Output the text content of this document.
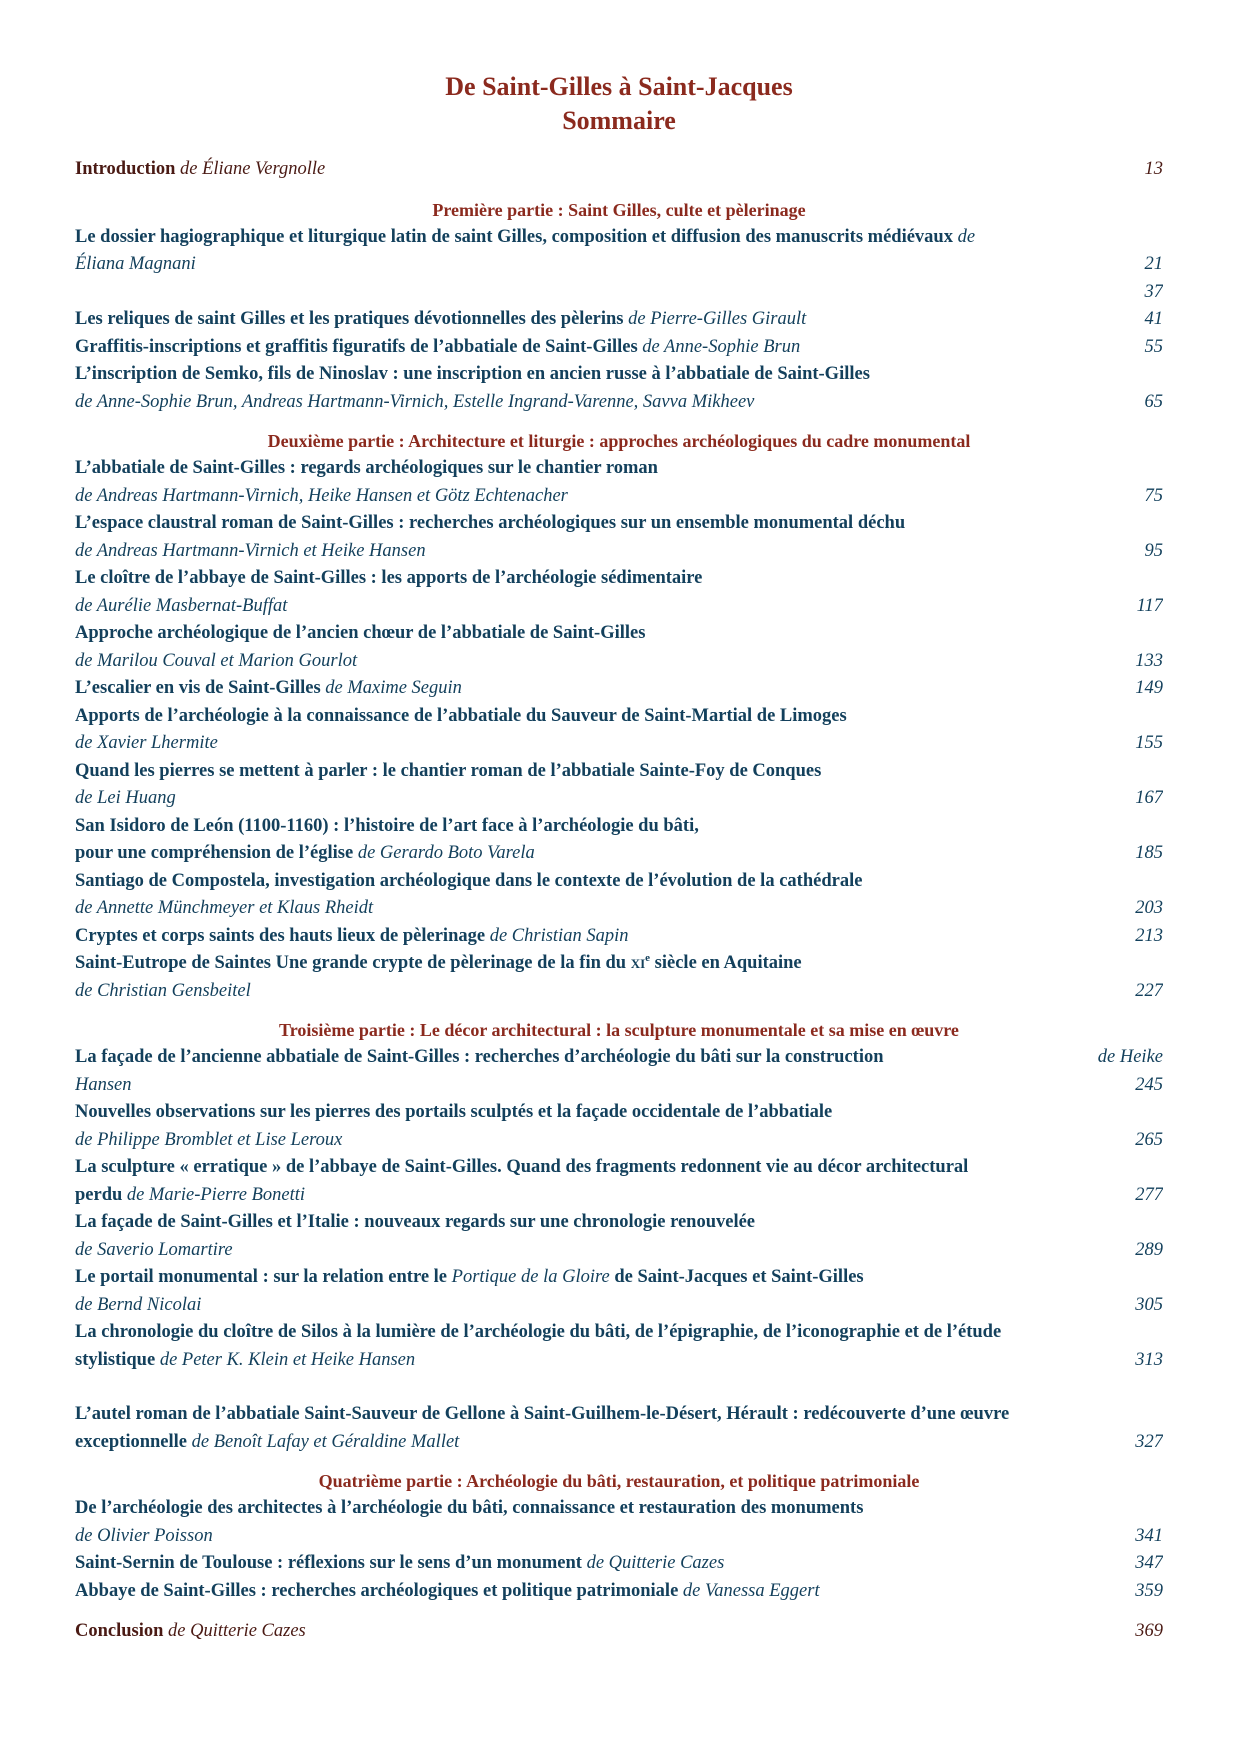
De Saint-Gilles à Saint-Jacques
Sommaire
Introduction de Éliane Vergnolle	13
Première partie : Saint Gilles, culte et pèlerinage
Le dossier hagiographique et liturgique latin de saint Gilles, composition et diffusion des manuscrits médiévaux de
Éliana Magnani	21

37
Les reliques de saint Gilles et les pratiques dévotionnelles des pèlerins de Pierre-Gilles Girault	41
Graffitis-inscriptions et graffitis figuratifs de l’abbatiale de Saint-Gilles de Anne-Sophie Brun	55
L’inscription de Semko, fils de Ninoslav : une inscription en ancien russe à l’abbatiale de Saint-Gilles
de Anne-Sophie Brun, Andreas Hartmann-Virnich, Estelle Ingrand-Varenne, Savva Mikheev	65
Deuxième partie : Architecture et liturgie : approches archéologiques du cadre monumental
L’abbatiale de Saint-Gilles : regards archéologiques sur le chantier roman
de Andreas Hartmann-Virnich, Heike Hansen et Götz Echtenacher	75
L’espace claustral roman de Saint-Gilles : recherches archéologiques sur un ensemble monumental déchu
de Andreas Hartmann-Virnich et Heike Hansen	95
Le cloître de l’abbaye de Saint-Gilles : les apports de l’archéologie sédimentaire
de Aurélie Masbernat-Buffat	117
Approche archéologique de l’ancien chœur de l’abbatiale de Saint-Gilles
de Marilou Couval et Marion Gourlot	133
L’escalier en vis de Saint-Gilles de Maxime Seguin	149
Apports de l’archéologie à la connaissance de l’abbatiale du Sauveur de Saint-Martial de Limoges
de Xavier Lhermite	155
Quand les pierres se mettent à parler : le chantier roman de l’abbatiale Sainte-Foy de Conques
de Lei Huang	167
San Isidoro de León (1100-1160) : l’histoire de l’art face à l’archéologie du bâti,
pour une compréhension de l’église de Gerardo Boto Varela	185
Santiago de Compostela, investigation archéologique dans le contexte de l’évolution de la cathédrale
de Annette Münchmeyer et Klaus Rheidt	203
Cryptes et corps saints des hauts lieux de pèlerinage de Christian Sapin	213
Saint-Eutrope de Saintes Une grande crypte de pèlerinage de la fin du $xi^e$ siècle en Aquitaine
de Christian Gensbeitel	227
Troisième partie : Le décor architectural : la sculpture monumentale et sa mise en œuvre
La façade de l’ancienne abbatiale de Saint-Gilles : recherches d’archéologie du bâti sur la construction	de Heike
Hansen	245
Nouvelles observations sur les pierres des portails sculptés et la façade occidentale de l’abbatiale
de Philippe Bromblet et Lise Leroux	265
La sculpture « erratique » de l’abbaye de Saint-Gilles. Quand des fragments redonnent vie au décor architectural
perdu de Marie-Pierre Bonetti	277
La façade de Saint-Gilles et l’Italie : nouveaux regards sur une chronologie renouvelée
de Saverio Lomartire	289
Le portail monumental : sur la relation entre le Portique de la Gloire de Saint-Jacques et Saint-Gilles
de Bernd Nicolai	305
La chronologie du cloître de Silos à la lumière de l’archéologie du bâti, de l’épigraphie, de l’iconographie et de l’étude
stylistique de Peter K. Klein et Heike Hansen	313
L’autel roman de l’abbatiale Saint-Sauveur de Gellone à Saint-Guilhem-le-Désert, Hérault : redécouverte d’une œuvre
exceptionnelle de Benoît Lafay et Géraldine Mallet	327
Quatrième partie : Archéologie du bâti, restauration, et politique patrimoniale
De l’archéologie des architectes à l’archéologie du bâti, connaissance et restauration des monuments
de Olivier Poisson	341
Saint-Sernin de Toulouse : réflexions sur le sens d’un monument de Quitterie Cazes	347
Abbaye de Saint-Gilles : recherches archéologiques et politique patrimoniale de Vanessa Eggert	359
Conclusion de Quitterie Cazes	369
